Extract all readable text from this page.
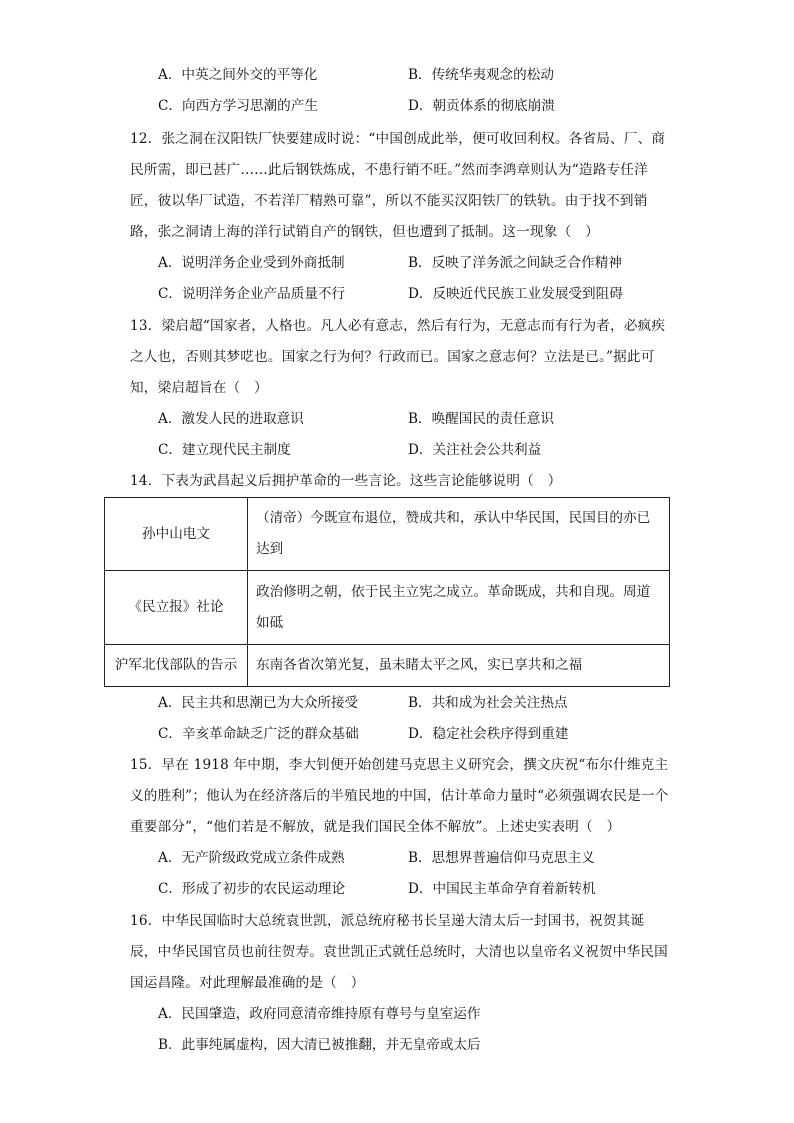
A．中英之间外交的平等化	B．传统华夷观念的松动
C．向西方学习思潮的产生	D．朝贡体系的彻底崩溃
12．张之洞在汉阳铁厂快要建成时说：“中国创成此举，便可收回利权。各省局、厂、商民所需，即已甚广……此后钢铁炼成，不患行销不旺。”然而李鸿章则认为“造路专任洋匠，彼以华厂试造，不若洋厂精熟可靠”，所以不能买汉阳铁厂的铁轨。由于找不到销路，张之洞请上海的洋行试销自产的钢铁，但也遭到了抵制。这一现象（　）
A．说明洋务企业受到外商抵制	B．反映了洋务派之间缺乏合作精神
C．说明洋务企业产品质量不行	D．反映近代民族工业发展受到阻碍
13．梁启超“国家者，人格也。凡人必有意志，然后有行为，无意志而有行为者，必疯疾之人也，否则其梦呓也。国家之行为何？行政而已。国家之意志何？立法是已。”据此可知，梁启超旨在（　）
A．激发人民的进取意识	B．唤醒国民的责任意识
C．建立现代民主制度	D．关注社会公共利益
14．下表为武昌起义后拥护革命的一些言论。这些言论能够说明（　）
孙中山电文	（清帝）今既宣布退位，赞成共和，承认中华民国，民国目的亦已达到
《民立报》社论	政治修明之朝，依于民主立宪之成立。革命既成，共和自现。周道如砥
沪军北伐部队的告示	东南各省次第光复，虽未睹太平之风，实已享共和之福
A．民主共和思潮已为大众所接受	B．共和成为社会关注热点
C．辛亥革命缺乏广泛的群众基础	D．稳定社会秩序得到重建
15．早在 1918 年中期，李大钊便开始创建马克思主义研究会，撰文庆祝“布尔什维克主义的胜利”；他认为在经济落后的半殖民地的中国，估计革命力量时“必须强调农民是一个重要部分”，“他们若是不解放，就是我们国民全体不解放”。上述史实表明（　）
A．无产阶级政党成立条件成熟	B．思想界普遍信仰马克思主义
C．形成了初步的农民运动理论	D．中国民主革命孕育着新转机
16．中华民国临时大总统袁世凯，派总统府秘书长呈递大清太后一封国书，祝贺其诞辰，中华民国官员也前往贺寿。袁世凯正式就任总统时，大清也以皇帝名义祝贺中华民国国运昌隆。对此理解最准确的是（　）
A．民国肇造，政府同意清帝维持原有尊号与皇室运作
B．此事纯属虚构，因大清已被推翻，并无皇帝或太后
